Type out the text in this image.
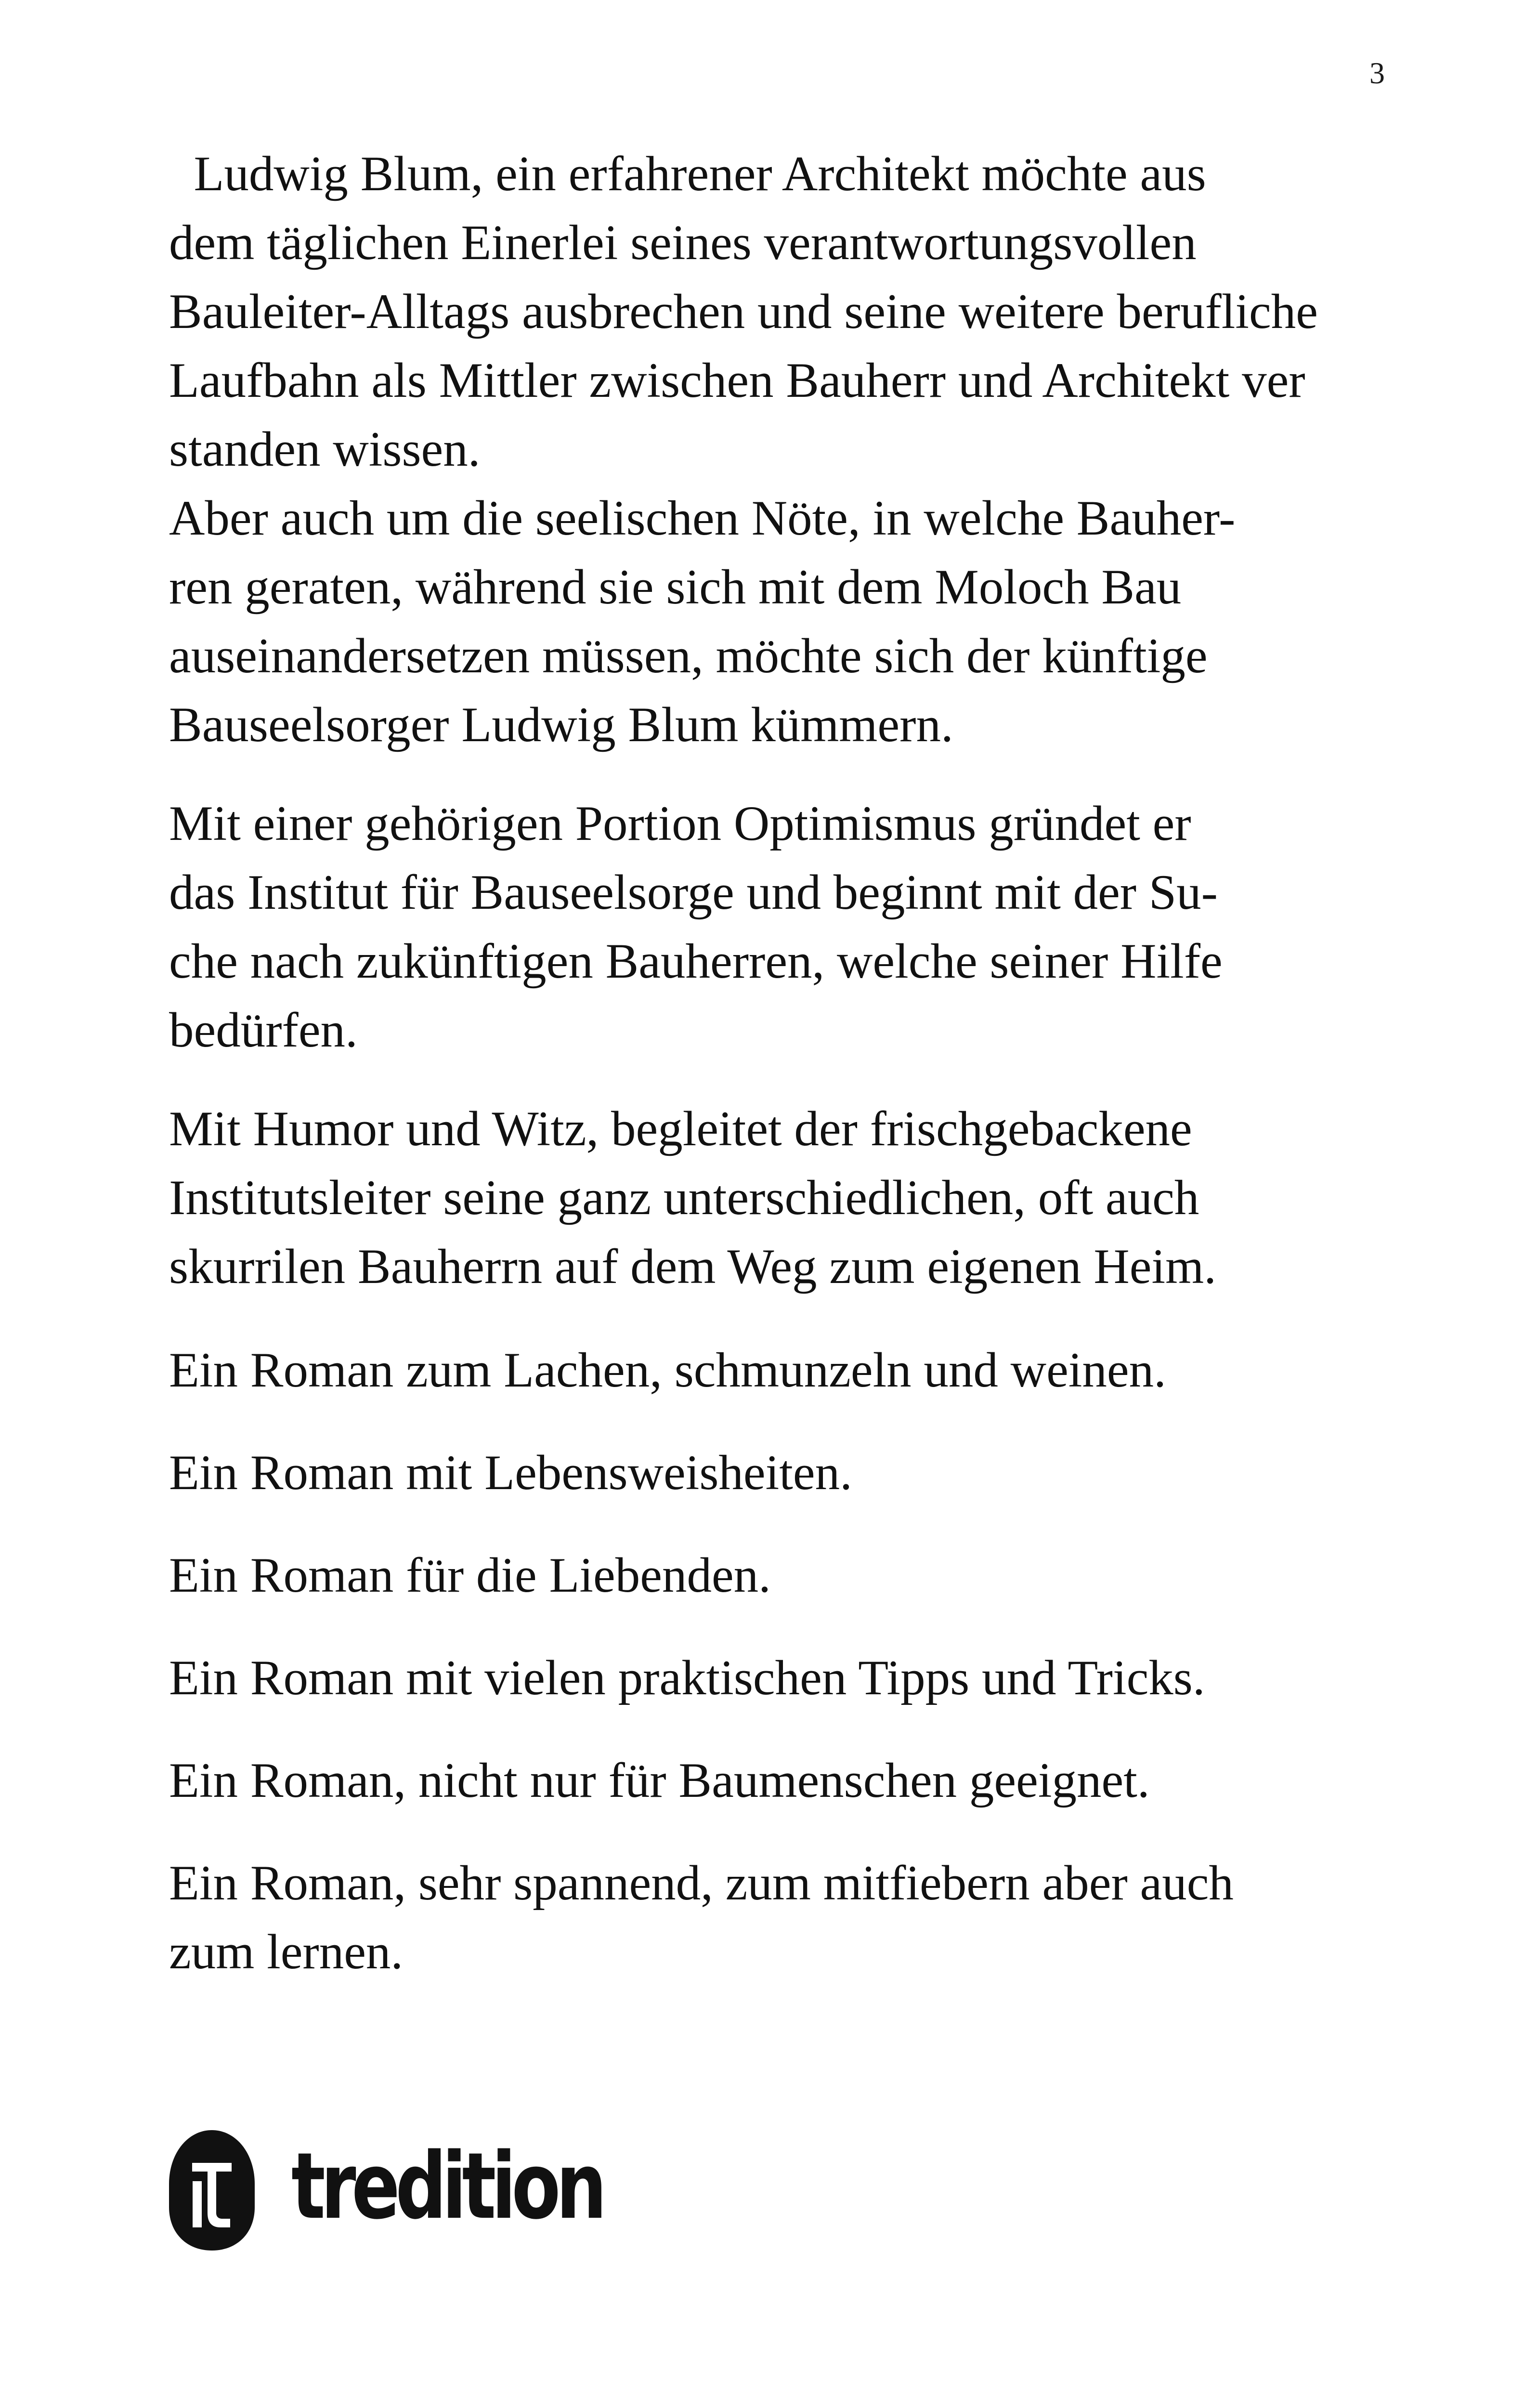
3

Ludwig Blum, ein erfahrener Architekt möchte aus
dem täglichen Einerlei seines verantwortungsvollen
Bauleiter-Alltags ausbrechen und seine weitere berufliche
Laufbahn als Mittler zwischen Bauherr und Architekt ver
standen wissen.
Aber auch um die seelischen Nöte, in welche Bauher-
ren geraten, während sie sich mit dem Moloch Bau
auseinandersetzen müssen, möchte sich der künftige
Bauseelsorger Ludwig Blum kümmern.

Mit einer gehörigen Portion Optimismus gründet er
das Institut für Bauseelsorge und beginnt mit der Su-
che nach zukünftigen Bauherren, welche seiner Hilfe
bedürfen.

Mit Humor und Witz, begleitet der frischgebackene
Institutsleiter seine ganz unterschiedlichen, oft auch
skurrilen Bauherrn auf dem Weg zum eigenen Heim.

Ein Roman zum Lachen, schmunzeln und weinen.

Ein Roman mit Lebensweisheiten.

Ein Roman für die Liebenden.

Ein Roman mit vielen praktischen Tipps und Tricks.

Ein Roman, nicht nur für Baumenschen geeignet.

Ein Roman, sehr spannend, zum mitfiebern aber auch
zum lernen.

tredition
